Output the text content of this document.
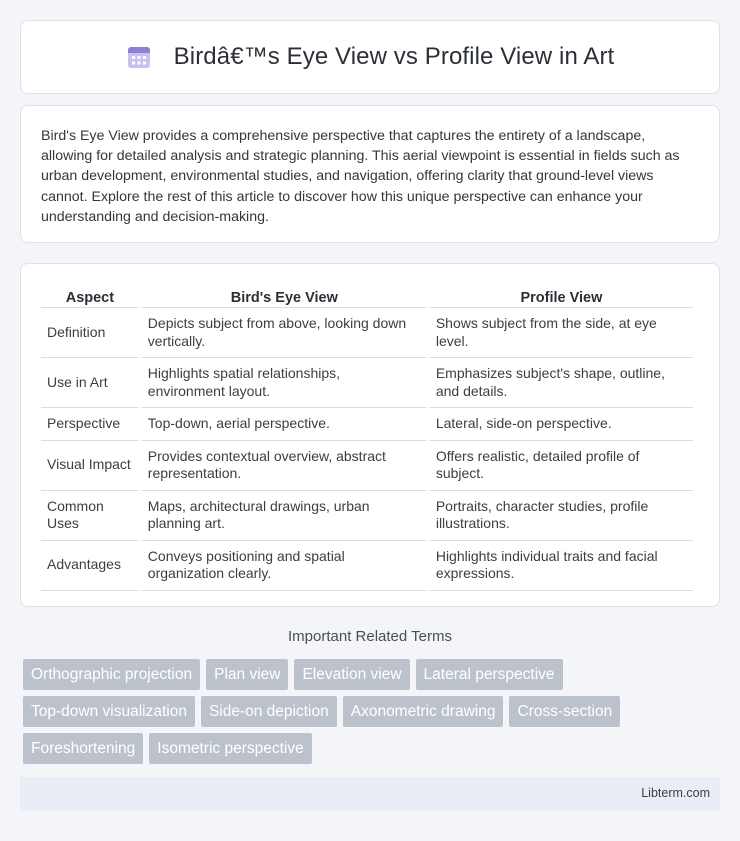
Birdâ€™s Eye View vs Profile View in Art

Bird's Eye View provides a comprehensive perspective that captures the entirety of a landscape, allowing for detailed analysis and strategic planning. This aerial viewpoint is essential in fields such as urban development, environmental studies, and navigation, offering clarity that ground-level views cannot. Explore the rest of this article to discover how this unique perspective can enhance your understanding and decision-making.

Aspect	Bird's Eye View	Profile View
Definition	Depicts subject from above, looking down vertically.	Shows subject from the side, at eye level.
Use in Art	Highlights spatial relationships, environment layout.	Emphasizes subject's shape, outline, and details.
Perspective	Top-down, aerial perspective.	Lateral, side-on perspective.
Visual Impact	Provides contextual overview, abstract representation.	Offers realistic, detailed profile of subject.
Common Uses	Maps, architectural drawings, urban planning art.	Portraits, character studies, profile illustrations.
Advantages	Conveys positioning and spatial organization clearly.	Highlights individual traits and facial expressions.
Important Related Terms
Orthographic projection	Plan view	Elevation view	Lateral perspective
Top-down visualization	Side-on depiction	Axonometric drawing	Cross-section
Foreshortening	Isometric perspective
Libterm.com
